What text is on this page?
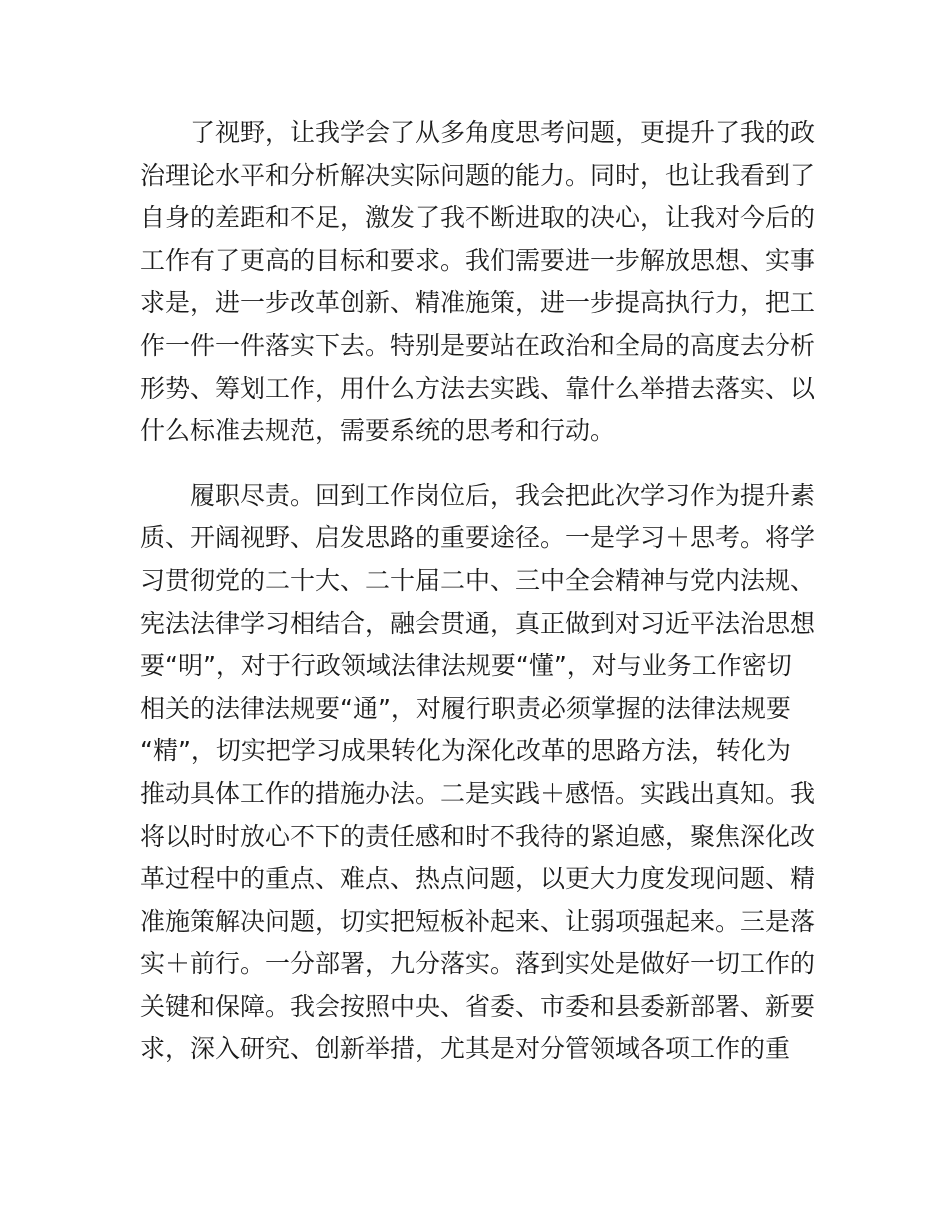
了视野，让我学会了从多角度思考问题，更提升了我的政
治理论水平和分析解决实际问题的能力。同时，也让我看到了
自身的差距和不足，激发了我不断进取的决心，让我对今后的
工作有了更高的目标和要求。我们需要进一步解放思想、实事
求是，进一步改革创新、精准施策，进一步提高执行力，把工
作一件一件落实下去。特别是要站在政治和全局的高度去分析
形势、筹划工作，用什么方法去实践、靠什么举措去落实、以
什么标准去规范，需要系统的思考和行动。
履职尽责。回到工作岗位后，我会把此次学习作为提升素
质、开阔视野、启发思路的重要途径。一是学习＋思考。将学
习贯彻党的二十大、二十届二中、三中全会精神与党内法规、
宪法法律学习相结合，融会贯通，真正做到对习近平法治思想
要“明”，对于行政领域法律法规要“懂”，对与业务工作密切
相关的法律法规要“通”，对履行职责必须掌握的法律法规要
“精”，切实把学习成果转化为深化改革的思路方法，转化为
推动具体工作的措施办法。二是实践＋感悟。实践出真知。我
将以时时放心不下的责任感和时不我待的紧迫感，聚焦深化改
革过程中的重点、难点、热点问题，以更大力度发现问题、精
准施策解决问题，切实把短板补起来、让弱项强起来。三是落
实＋前行。一分部署，九分落实。落到实处是做好一切工作的
关键和保障。我会按照中央、省委、市委和县委新部署、新要
求，深入研究、创新举措，尤其是对分管领域各项工作的重
